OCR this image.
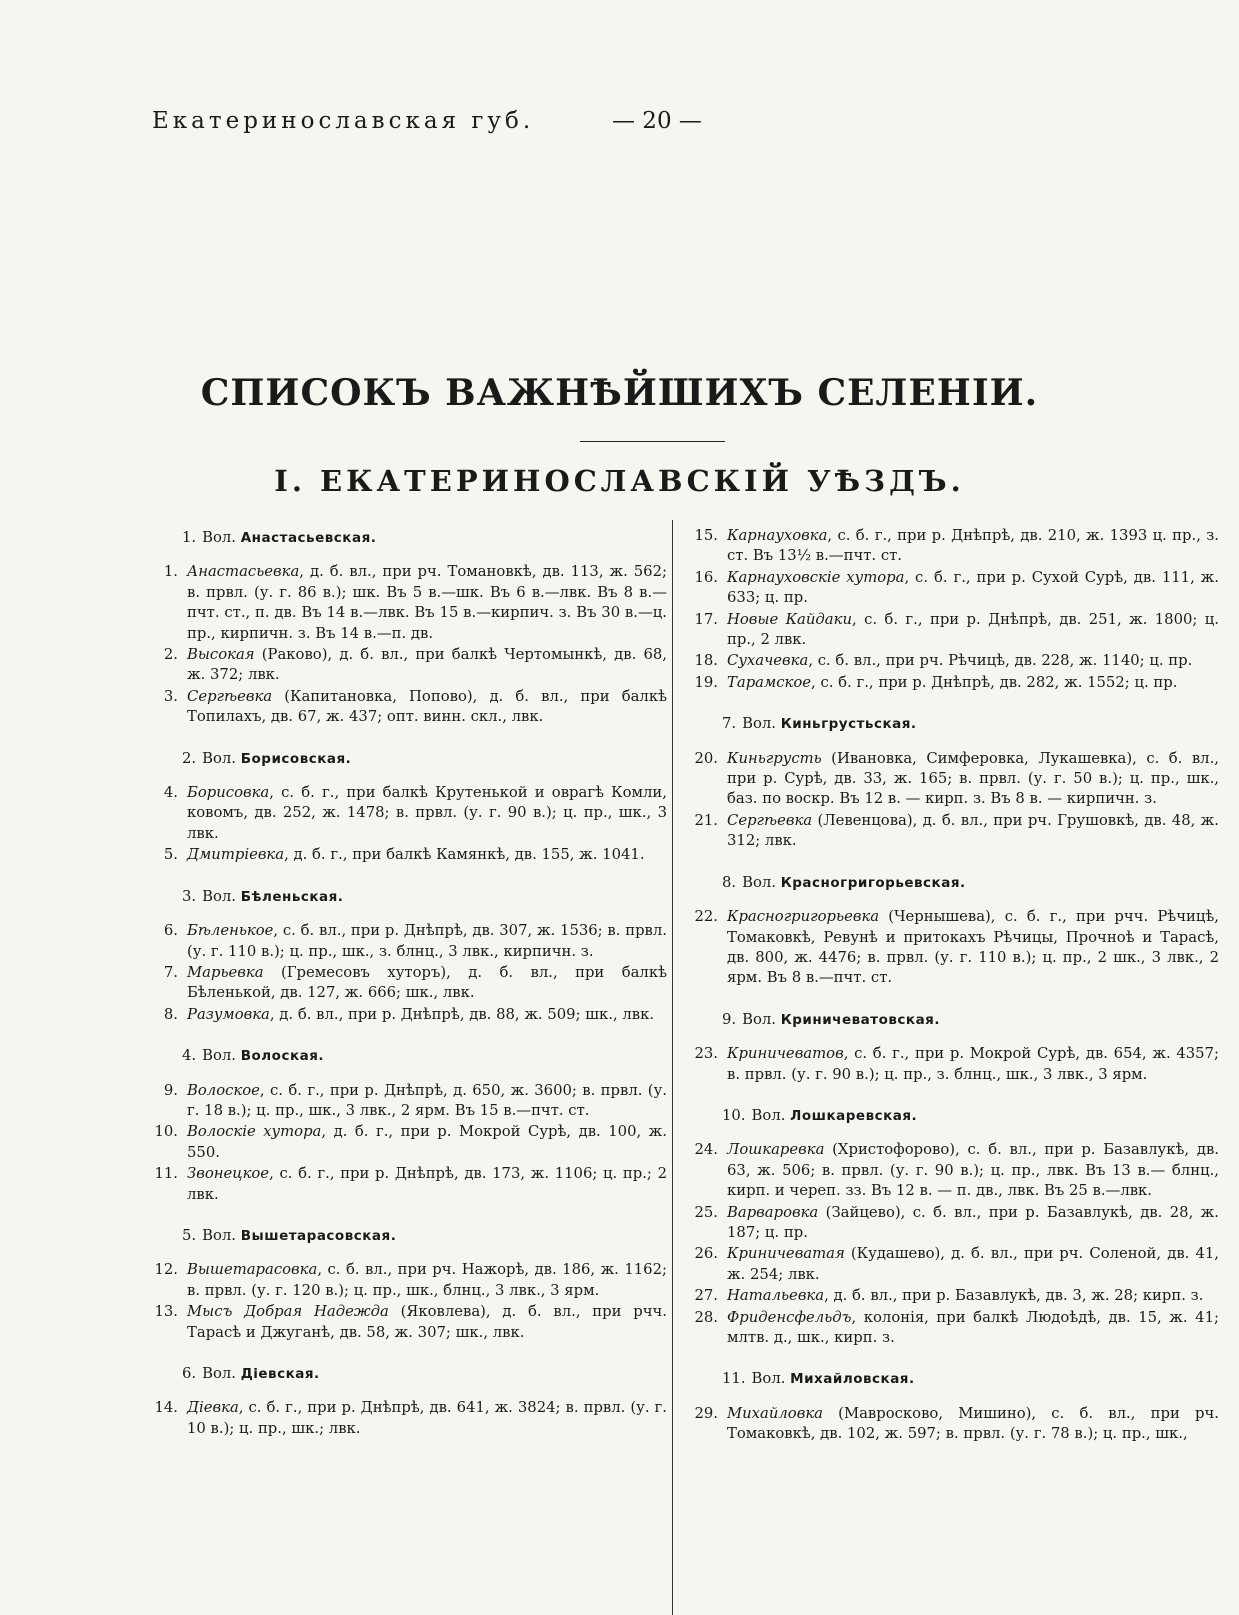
Екатеринославская губ.	— 20 —
СПИСОКЪ ВАЖНѢЙШИХЪ СЕЛЕНІИ.
I. ЕКАТЕРИНОСЛАВСКІЙ УѢЗДЪ.
1. Вол. Анастасьевская.
1. Анастасьевка, д. б. вл., при рч. Томановкѣ, дв. 113, ж. 562; в. првл. (у. г. 86 в.); шк. Въ 5 в.—шк. Въ 6 в.—лвк. Въ 8 в.—пчт. ст., п. дв. Въ 14 в.—лвк. Въ 15 в.—кирпич. з. Въ 30 в.—ц. пр., кирпичн. з. Въ 14 в.—п. дв.
2. Высокая (Раково), д. б. вл., при балкѣ Чертомынкѣ, дв. 68, ж. 372; лвк.
3. Сергѣевка (Капитановка, Попово), д. б. вл., при балкѣ Топилахъ, дв. 67, ж. 437; опт. винн. скл., лвк.
2. Вол. Борисовская.
4. Борисовка, с. б. г., при балкѣ Крутенькой и оврагѣ Комли, ковомъ, дв. 252, ж. 1478; в. првл. (у. г. 90 в.); ц. пр., шк., 3 лвк.
5. Дмитріевка, д. б. г., при балкѣ Камянкѣ, дв. 155, ж. 1041.
3. Вол. Бѣленьская.
6. Бѣленькое, с. б. вл., при р. Днѣпрѣ, дв. 307, ж. 1536; в. првл. (у. г. 110 в.); ц. пр., шк., з. блнц., 3 лвк., кирпичн. з.
7. Марьевка (Гремесовъ хуторъ), д. б. вл., при балкѣ Бѣленькой, дв. 127, ж. 666; шк., лвк.
8. Разумовка, д. б. вл., при р. Днѣпрѣ, дв. 88, ж. 509; шк., лвк.
4. Вол. Волоская.
9. Волоское, с. б. г., при р. Днѣпрѣ, д. 650, ж. 3600; в. првл. (у. г. 18 в.); ц. пр., шк., 3 лвк., 2 ярм. Въ 15 в.—пчт. ст.
10. Волоскіе хутора, д. б. г., при р. Мокрой Сурѣ, дв. 100, ж. 550.
11. Звонецкое, с. б. г., при р. Днѣпрѣ, дв. 173, ж. 1106; ц. пр.; 2 лвк.
5. Вол. Вышетарасовская.
12. Вышетарасовка, с. б. вл., при рч. Нажорѣ, дв. 186, ж. 1162; в. првл. (у. г. 120 в.); ц. пр., шк., блнц., 3 лвк., 3 ярм.
13. Мысъ Добрая Надежда (Яковлева), д. б. вл., при рчч. Тарасѣ и Джуганѣ, дв. 58, ж. 307; шк., лвк.
6. Вол. Діевская.
14. Діевка, с. б. г., при р. Днѣпрѣ, дв. 641, ж. 3824; в. првл. (у. г. 10 в.); ц. пр., шк.; лвк.
15. Карнауховка, с. б. г., при р. Днѣпрѣ, дв. 210, ж. 1393 ц. пр., з. ст. Въ 13½ в.—пчт. ст.
16. Карнауховскіе хутора, с. б. г., при р. Сухой Сурѣ, дв. 111, ж. 633; ц. пр.
17. Новые Кайдаки, с. б. г., при р. Днѣпрѣ, дв. 251, ж. 1800; ц. пр., 2 лвк.
18. Сухачевка, с. б. вл., при рч. Рѣчицѣ, дв. 228, ж. 1140; ц. пр.
19. Тарамское, с. б. г., при р. Днѣпрѣ, дв. 282, ж. 1552; ц. пр.
7. Вол. Киньгрустьская.
20. Киньгрусть (Ивановка, Симферовка, Лукашевка), с. б. вл., при р. Сурѣ, дв. 33, ж. 165; в. првл. (у. г. 50 в.); ц. пр., шк., баз. по воскр. Въ 12 в. — кирп. з. Въ 8 в. — кирпичн. з.
21. Сергѣевка (Левенцова), д. б. вл., при рч. Грушовкѣ, дв. 48, ж. 312; лвк.
8. Вол. Красногригорьевская.
22. Красногригорьевка (Чернышева), с. б. г., при рчч. Рѣчицѣ, Томаковкѣ, Ревунѣ и притокахъ Рѣчицы, Прочноѣ и Тарасѣ, дв. 800, ж. 4476; в. првл. (у. г. 110 в.); ц. пр., 2 шк., 3 лвк., 2 ярм. Въ 8 в.—пчт. ст.
9. Вол. Криничеватовская.
23. Криничеватов, с. б. г., при р. Мокрой Сурѣ, дв. 654, ж. 4357; в. првл. (у. г. 90 в.); ц. пр., з. блнц., шк., 3 лвк., 3 ярм.
10. Вол. Лошкаревская.
24. Лошкаревка (Христофорово), с. б. вл., при р. Базавлукѣ, дв. 63, ж. 506; в. првл. (у. г. 90 в.); ц. пр., лвк. Въ 13 в.— блнц., кирп. и череп. зз. Въ 12 в. — п. дв., лвк. Въ 25 в.—лвк.
25. Варваровка (Зайцево), с. б. вл., при р. Базавлукѣ, дв. 28, ж. 187; ц. пр.
26. Криничеватая (Кудашево), д. б. вл., при рч. Соленой, дв. 41, ж. 254; лвк.
27. Натальевка, д. б. вл., при р. Базавлукѣ, дв. 3, ж. 28; кирп. з.
28. Фриденсфельдъ, колонія, при балкѣ Людоѣдѣ, дв. 15, ж. 41; млтв. д., шк., кирп. з.
11. Вол. Михайловская.
29. Михайловка (Мавросково, Мишино), с. б. вл., при рч. Томаковкѣ, дв. 102, ж. 597; в. првл. (у. г. 78 в.); ц. пр., шк.,
